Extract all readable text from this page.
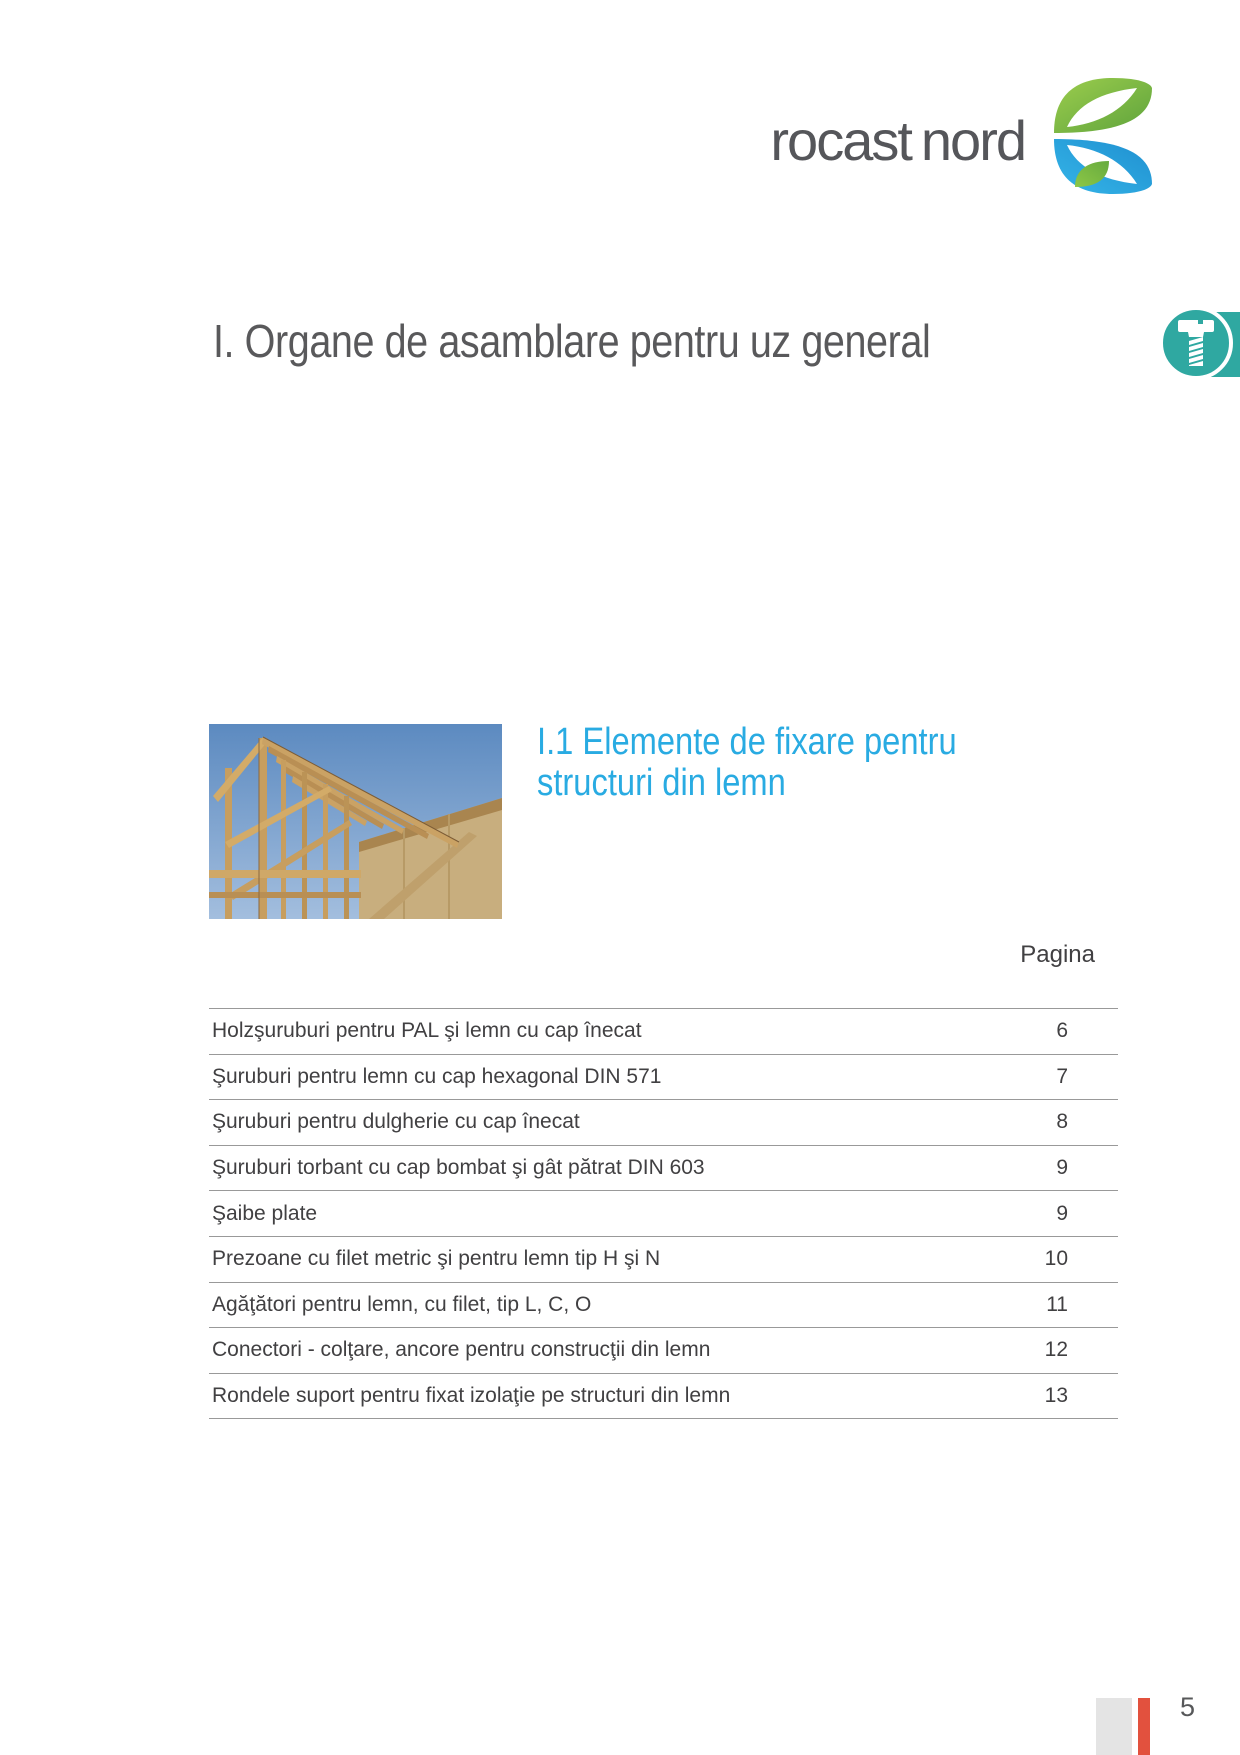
rocast nord
I. Organe de asamblare pentru uz general
I.1 Elemente de fixare pentru
structuri din lemn
Pagina
Holzşuruburi pentru PAL şi lemn cu cap înecat	6
Şuruburi pentru lemn cu cap hexagonal DIN 571	7
Şuruburi pentru dulgherie cu cap înecat	8
Şuruburi torbant cu cap bombat şi gât pătrat DIN 603	9
Şaibe plate	9
Prezoane cu filet metric şi pentru lemn tip H şi N	10
Agăţători pentru lemn, cu filet, tip L, C, O	11
Conectori - colţare, ancore pentru construcţii din lemn	12
Rondele suport pentru fixat izolaţie pe structuri din lemn	13
5
